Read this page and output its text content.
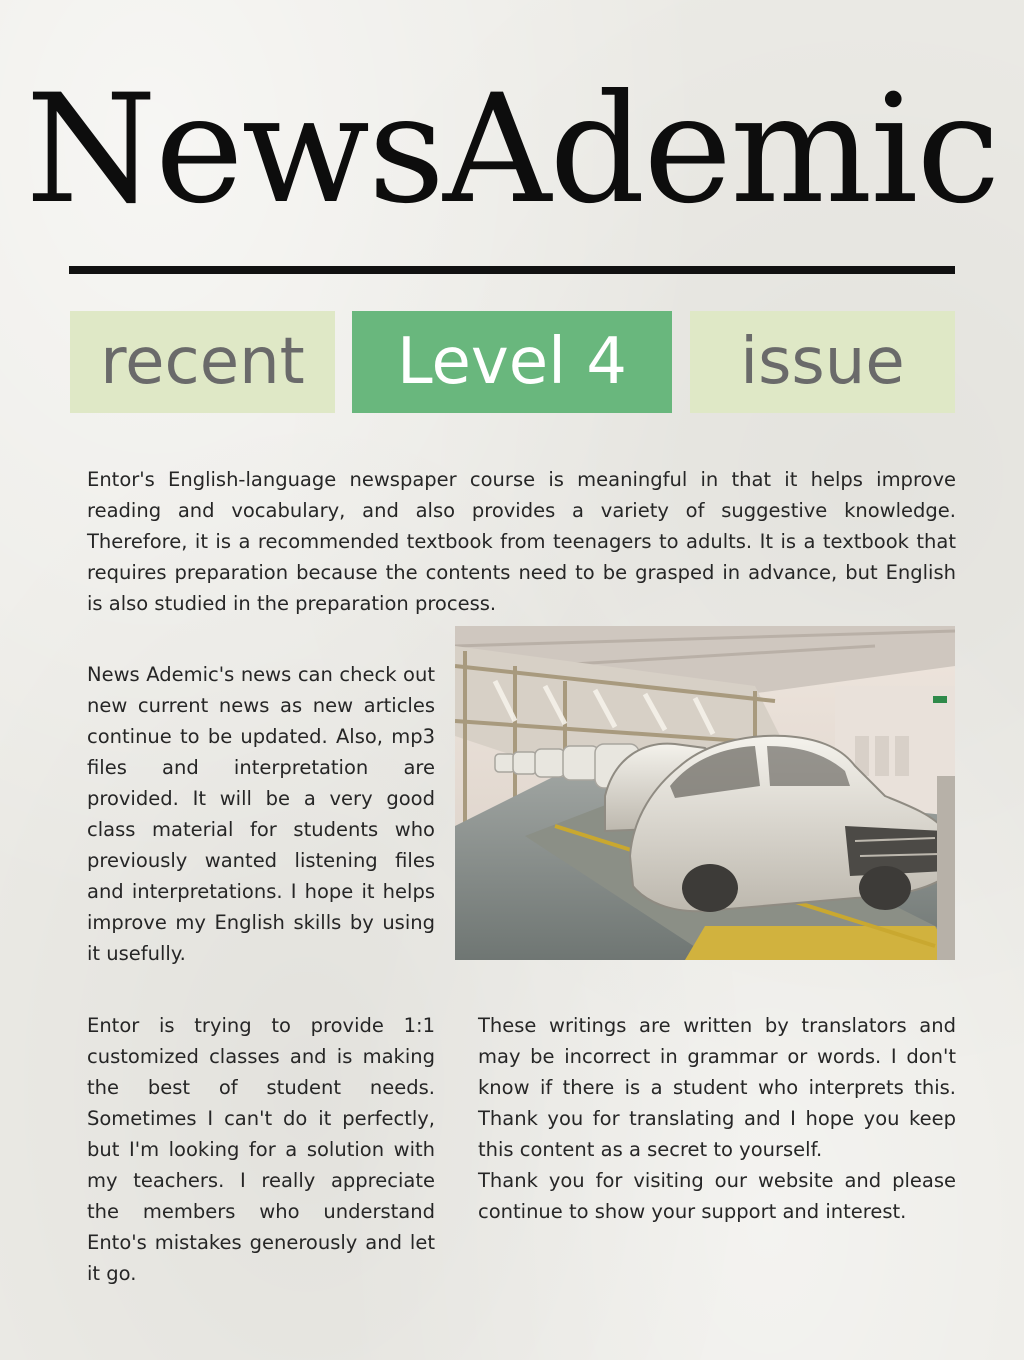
NewsAdemic
recent	Level 4	issue

Entor's English-language newspaper course is meaningful in that it helps improve reading and vocabulary, and also provides a variety of suggestive knowledge. Therefore, it is a recommended textbook from teenagers to adults. It is a textbook that requires preparation because the contents need to be grasped in advance, but English is also studied in the preparation process.

News Ademic's news can check out new current news as new articles continue to be updated. Also, mp3 files and interpretation are provided. It will be a very good class material for students who previously wanted listening files and interpretations. I hope it helps improve my English skills by using it usefully.

Entor is trying to provide 1:1 customized classes and is making the best of student needs. Sometimes I can't do it perfectly, but I'm looking for a solution with my teachers. I really appreciate the members who understand Ento's mistakes generously and let it go.

These writings are written by translators and may be incorrect in grammar or words. I don't know if there is a student who interprets this. Thank you for translating and I hope you keep this content as a secret to yourself.
Thank you for visiting our website and please continue to show your support and interest.
